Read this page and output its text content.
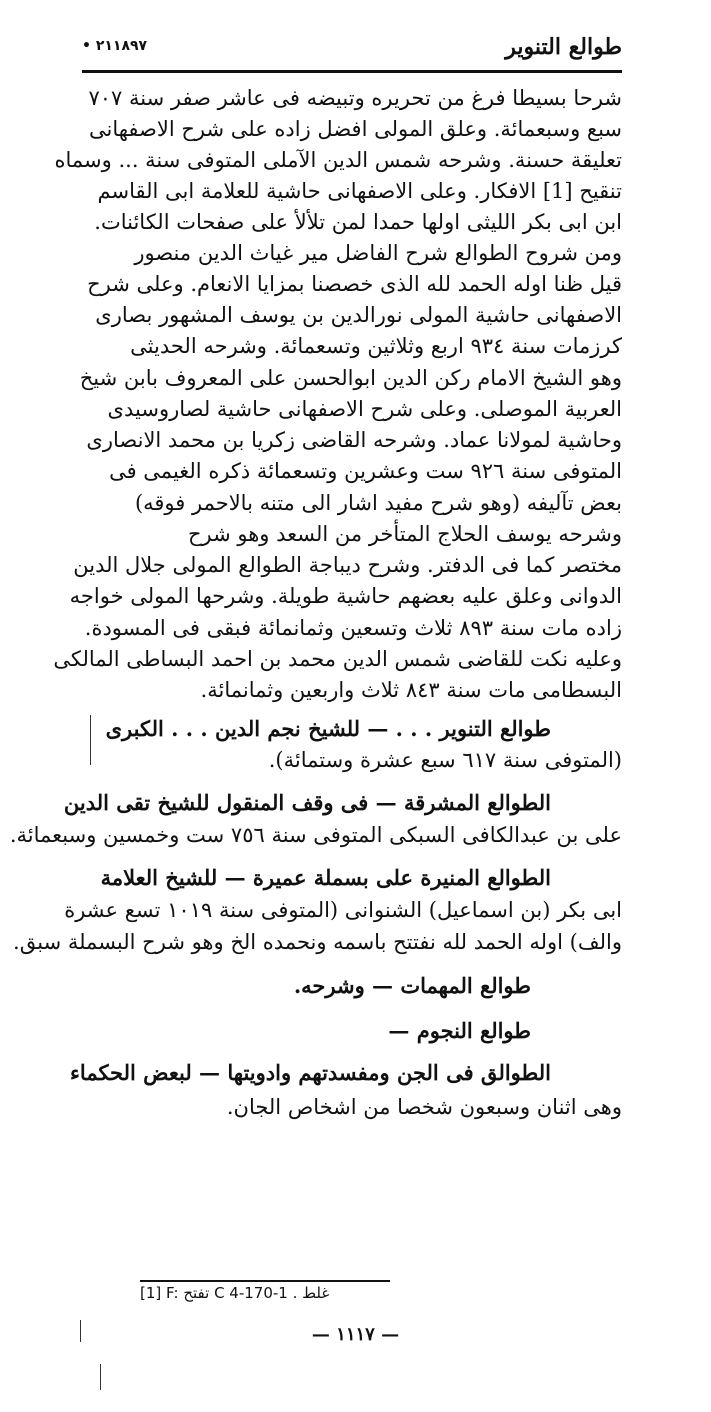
طوالع التنوير
• ۲۱۱۸۹۷
[1] F: تفتح C 4-170-1 . غلط
— ١١١٧ —
شرحا بسيطا فرغ من تحريره وتبيضه فى عاشر صفر سنة ٧٠٧
سبع وسبعمائة. وعلق المولى افضل زاده على شرح الاصفهانى
تعليقة حسنة. وشرحه شمس الدين الآملى المتوفى سنة ... وسماه
تنقيح [1] الافكار. وعلى الاصفهانى حاشية للعلامة ابى القاسم
ابن ابى بكر الليثى اولها حمدا لمن تلألأ على صفحات الكائنات.
ومن شروح الطوالع شرح الفاضل مير غياث الدين منصور
قيل ظنا اوله الحمد لله الذى خصصنا بمزايا الانعام. وعلى شرح
الاصفهانى حاشية المولى نورالدين بن يوسف المشهور بصارى
كرزمات سنة ٩٣٤ اربع وثلاثين وتسعمائة. وشرحه الحديثى
وهو الشيخ الامام ركن الدين ابوالحسن على المعروف بابن شيخ
العربية الموصلى. وعلى شرح الاصفهانى حاشية لصاروسيدى
وحاشية لمولانا عماد. وشرحه القاضى زكريا بن محمد الانصارى
المتوفى سنة ٩٢٦ ست وعشرين وتسعمائة ذكره الغيمى فى
بعض تآليفه (وهو شرح مفيد اشار الى متنه بالاحمر فوقه)
وشرحه يوسف الحلاج المتأخر من السعد وهو شرح
مختصر كما فى الدفتر. وشرح ديباجة الطوالع المولى جلال الدين
الدوانى وعلق عليه بعضهم حاشية طويلة. وشرحها المولى خواجه
زاده مات سنة ٨٩٣ ثلاث وتسعين وثمانمائة فبقى فى المسودة.
وعليه نكت للقاضى شمس الدين محمد بن احمد البساطى المالكى
البسطامى مات سنة ٨٤٣ ثلاث واربعين وثمانمائة.
طوالع التنوير . . . — للشيخ نجم الدين . . . الكبرى
(المتوفى سنة ٦١٧ سبع عشرة وستمائة).
الطوالع المشرقة — فى وقف المنقول للشيخ تقى الدين
على بن عبدالكافى السبكى المتوفى سنة ٧٥٦ ست وخمسين وسبعمائة.
الطوالع المنيرة على بسملة عميرة — للشيخ العلامة
ابى بكر (بن اسماعيل) الشنوانى (المتوفى سنة ١٠١٩ تسع عشرة
والف) اوله الحمد لله نفتتح باسمه ونحمده الخ وهو شرح البسملة سبق.
طوالع المهمات — وشرحه.
طوالع النجوم —
الطوالق فى الجن ومفسدتهم وادويتها — لبعض الحكماء
وهى اثنان وسبعون شخصا من اشخاص الجان.
